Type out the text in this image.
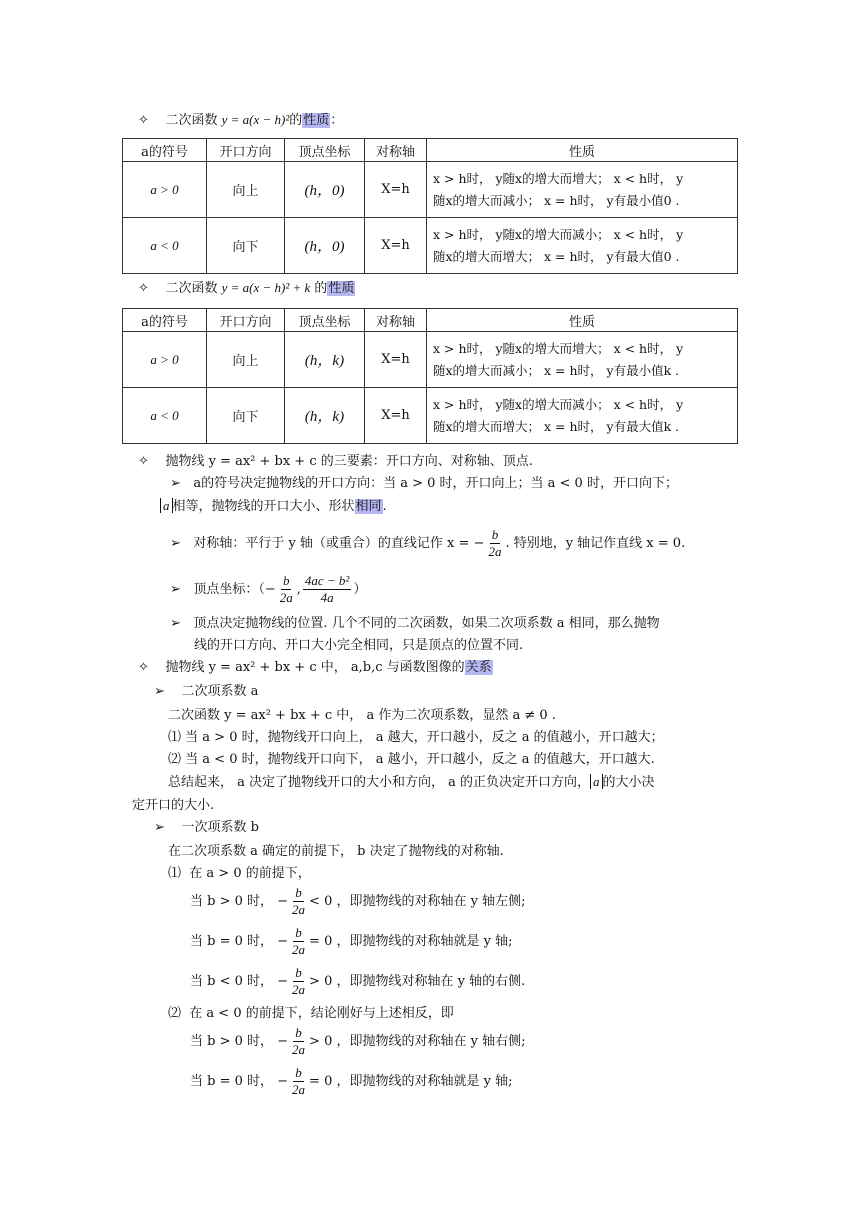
✧ 二次函数 y = a(x − h)²的性质：
a的符号	开口方向	顶点坐标	对称轴	性质
a > 0	向上	(h，0)	X=h	x > h时， y随x的增大而增大； x < h时， y
随x的增大而减小； x = h时， y有最小值0 .

a < 0	向下	(h，0)	X=h	x > h时， y随x的增大而减小； x < h时， y
随x的增大而增大； x = h时， y有最大值0 .
✧ 二次函数 y = a(x − h)² + k 的性质
a的符号	开口方向	顶点坐标	对称轴	性质
a > 0	向上	(h，k)	X=h	x > h时， y随x的增大而增大； x < h时， y
随x的增大而减小； x = h时， y有最小值k .

a < 0	向下	(h，k)	X=h	x > h时， y随x的增大而减小； x < h时， y
随x的增大而增大； x = h时， y有最大值k .
✧ 抛物线 y = ax² + bx + c 的三要素：开口方向、对称轴、顶点.
➢ a的符号决定抛物线的开口方向：当 a > 0 时，开口向上；当 a < 0 时，开口向下；
a 相等，抛物线的开口大小、形状相同.
➢ 对称轴：平行于 y 轴（或重合）的直线记作 x = − $\frac{b}{2a}$ . 特别地，y 轴记作直线 x = 0.
➢ 顶点坐标：（− $\frac{b}{2a}$ , $\frac{\text{4ac − b²}}{4a}$ ）
➢ 顶点决定抛物线的位置. 几个不同的二次函数，如果二次项系数 a 相同，那么抛物
线的开口方向、开口大小完全相同，只是顶点的位置不同.
✧ 抛物线 y = ax² + bx + c 中， a,b,c 与函数图像的关系
➢ 二次项系数 a
二次函数 y = ax² + bx + c 中， a 作为二次项系数，显然 a ≠ 0 .
⑴ 当 a > 0 时，抛物线开口向上， a 越大，开口越小，反之 a 的值越小，开口越大；
⑵ 当 a < 0 时，抛物线开口向下， a 越小，开口越小，反之 a 的值越大，开口越大.
总结起来， a 决定了抛物线开口的大小和方向， a 的正负决定开口方向， a 的大小决
定开口的大小.
➢ 一次项系数 b
在二次项系数 a 确定的前提下， b 决定了抛物线的对称轴.
⑴ 在 a > 0 的前提下，
当 b > 0 时， − $\frac{b}{2a} < 0$ ，即抛物线的对称轴在 y 轴左侧;
当 b = 0 时， − $\frac{b}{2a} = 0$ ，即抛物线的对称轴就是 y 轴;
当 b < 0 时， − $\frac{b}{2a} > 0$ ，即抛物线对称轴在 y 轴的右侧.
⑵ 在 a < 0 的前提下，结论刚好与上述相反，即
当 b > 0 时， − $\frac{b}{2a} > 0$ ，即抛物线的对称轴在 y 轴右侧;
当 b = 0 时， − $\frac{b}{2a} = 0$ ，即抛物线的对称轴就是 y 轴;
